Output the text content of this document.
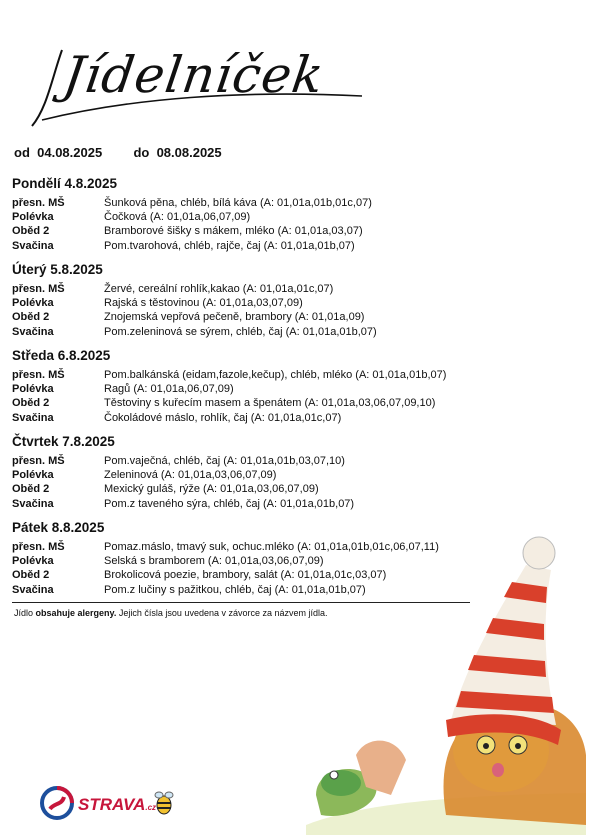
Jídelníček
od 04.08.2025 do 08.08.2025
Pondělí 4.8.2025
přesn. MŠ	Šunková pěna, chléb, bílá káva (A: 01,01a,01b,01c,07)
Polévka	Čočková (A: 01,01a,06,07,09)
Oběd 2	Bramborové šišky s mákem, mléko (A: 01,01a,03,07)
Svačina	Pom.tvarohová, chléb, rajče, čaj (A: 01,01a,01b,07)
Úterý 5.8.2025
přesn. MŠ	Žervé, cereální rohlík,kakao (A: 01,01a,01c,07)
Polévka	Rajská s těstovinou (A: 01,01a,03,07,09)
Oběd 2	Znojemská vepřová pečeně, brambory (A: 01,01a,09)
Svačina	Pom.zeleninová se sýrem, chléb, čaj (A: 01,01a,01b,07)
Středa 6.8.2025
přesn. MŠ	Pom.balkánská (eidam,fazole,kečup), chléb, mléko (A: 01,01a,01b,07)
Polévka	Ragů (A: 01,01a,06,07,09)
Oběd 2	Těstoviny s kuřecím masem a špenátem (A: 01,01a,03,06,07,09,10)
Svačina	Čokoládové máslo, rohlík, čaj (A: 01,01a,01c,07)
Čtvrtek 7.8.2025
přesn. MŠ	Pom.vaječná, chléb, čaj (A: 01,01a,01b,03,07,10)
Polévka	Zeleninová (A: 01,01a,03,06,07,09)
Oběd 2	Mexický guláš, rýže (A: 01,01a,03,06,07,09)
Svačina	Pom.z taveného sýra, chléb, čaj (A: 01,01a,01b,07)
Pátek 8.8.2025
přesn. MŠ	Pomaz.máslo, tmavý suk, ochuc.mléko (A: 01,01a,01b,01c,06,07,11)
Polévka	Selská s bramborem (A: 01,01a,03,06,07,09)
Oběd 2	Brokolicová poezie, brambory, salát (A: 01,01a,01c,03,07)
Svačina	Pom.z lučiny s pažitkou, chléb, čaj (A: 01,01a,01b,07)
Jídlo obsahuje alergeny. Jejich čísla jsou uvedena v závorce za názvem jídla.
STRAVA.cz
